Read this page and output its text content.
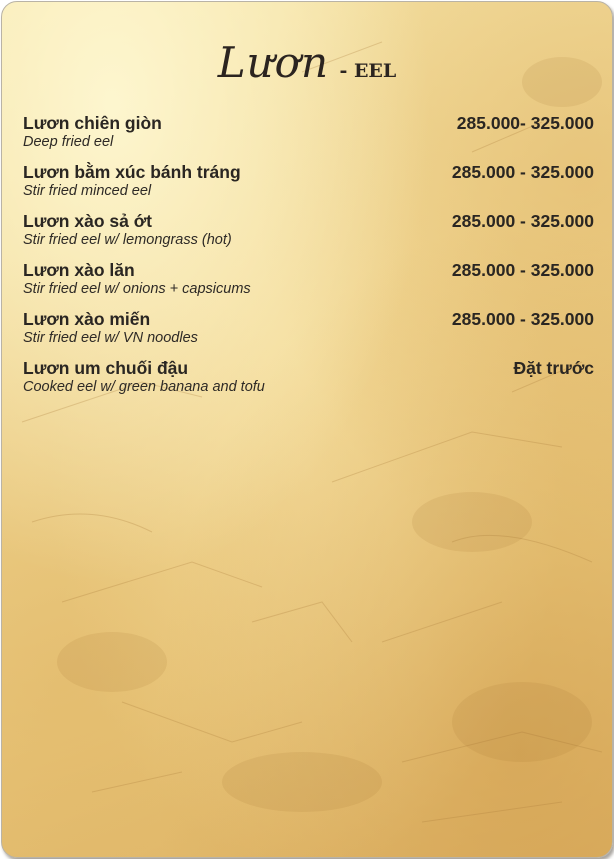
Lươn - EEL
Lươn chiên giòn	285.000- 325.000
Deep fried eel
Lươn bằm xúc bánh tráng	285.000 - 325.000
Stir fried minced eel
Lươn xào sả ớt	285.000 - 325.000
Stir fried eel w/ lemongrass (hot)
Lươn xào lăn	285.000 - 325.000
Stir fried eel w/ onions + capsicums
Lươn xào miến	285.000 - 325.000
Stir fried eel w/ VN noodles
Lươn um chuối đậu	Đặt trước
Cooked eel w/ green banana and tofu
